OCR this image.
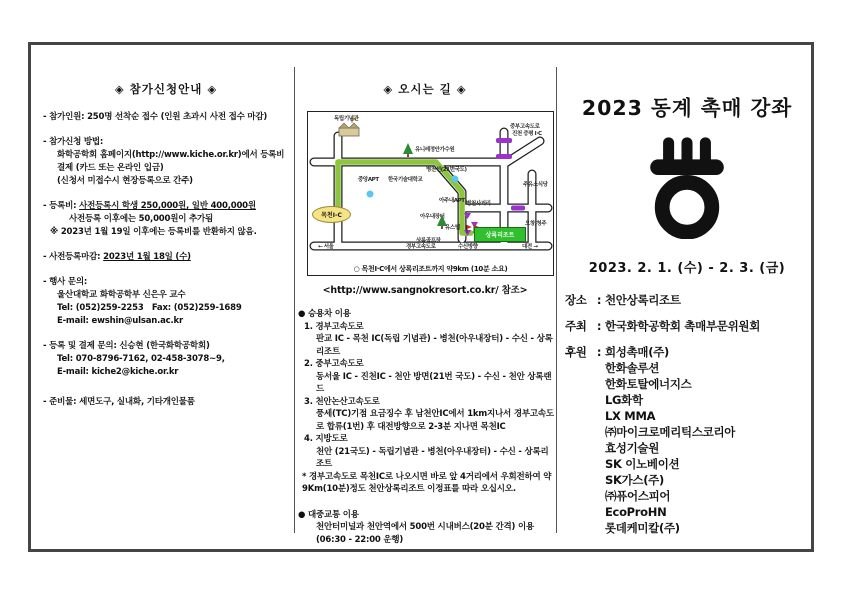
◈ 참가신청안내 ◈
- 참가인원: 250명 선착순 접수 (인원 초과시 사전 접수 마감)
- 참가신청 방법:
화학공학회 홈페이지(http://www.kiche.or.kr)에서 등록비
결제 (카드 또는 온라인 입금)
(신청서 미접수시 현장등록으로 간주)
- 등록비: 사전등록시 학생 250,000원, 일반 400,000원
사전등록 이후에는 50,000원이 추가됨
※ 2023년 1월 19일 이후에는 등록비를 반환하지 않음.
- 사전등록마감: 2023년 1월 18일 (수)
- 행사 문의:
울산대학교 화학공학부 신은우 교수
Tel: (052)259-2253   Fax: (052)259-1689
E-mail: ewshin@ulsan.ac.kr
- 등록 및 결제 문의: 신승현 (한국화학공학회)
Tel: 070-8796-7162, 02-458-3078~9,
E-mail: kiche2@kiche.or.kr
- 준비물: 세면도구, 실내화, 기타개인물품
◈ 오시는 길 ◈
독립기념관
유니레정안가수원
병천선(21번국도)
중앙APT 한국기술대학교
아주내APT
중부고속도로
진천 증평 I·C
주유소식당
병천사거리
아우내장터
유스텔
상록골프장
오창/청주
← 서울	경부고속도로	수신방향	대전 →
목천I-C
상록리조트
○ 목천I·C에서 상록리조트까지 약9km (10분 소요)
<http://www.sangnokresort.co.kr/ 참조>
● 승용차 이용
1. 경부고속도로
판교 IC - 목천 IC(독립 기념관) - 병천(아우내장터) - 수신 - 상록리조트
2. 중부고속도로
동서울 IC - 진천IC - 천안 방면(21번 국도) - 수신 - 천안 상록랜드
3. 천안논산고속도로
풍세(TC)기점 요금징수 후 남천안IC에서 1km지나서 경부고속도로 합류(1번) 후 대전방향으로 2-3분 지나면 목천IC
4. 지방도로
천안 (21국도) - 독립기념관 - 병천(아우내장터) - 수신 - 상록리조트
* 경부고속도로 목천IC로 나오시면 바로 앞 4거리에서 우회전하여 약 9Km(10분)정도 천안상록리조트 이정표를 따라 오십시오.
● 대중교통 이용
천안터미널과 천안역에서 500번 시내버스(20분 간격) 이용 (06:30 - 22:00 운행)
2023 동계 촉매 강좌
2023. 2. 1. (수) - 2. 3. (금)
장소 : 천안상록리조트
주최 : 한국화학공학회 촉매부문위원회
후원 : 희성촉매(주)
한화솔루션
한화토탈에너지스
LG화학
LX MMA
㈜마이크로메리틱스코리아
효성기술원
SK 이노베이션
SK가스(주)
㈜퓨어스피어
EcoProHN
롯데케미칼(주)
